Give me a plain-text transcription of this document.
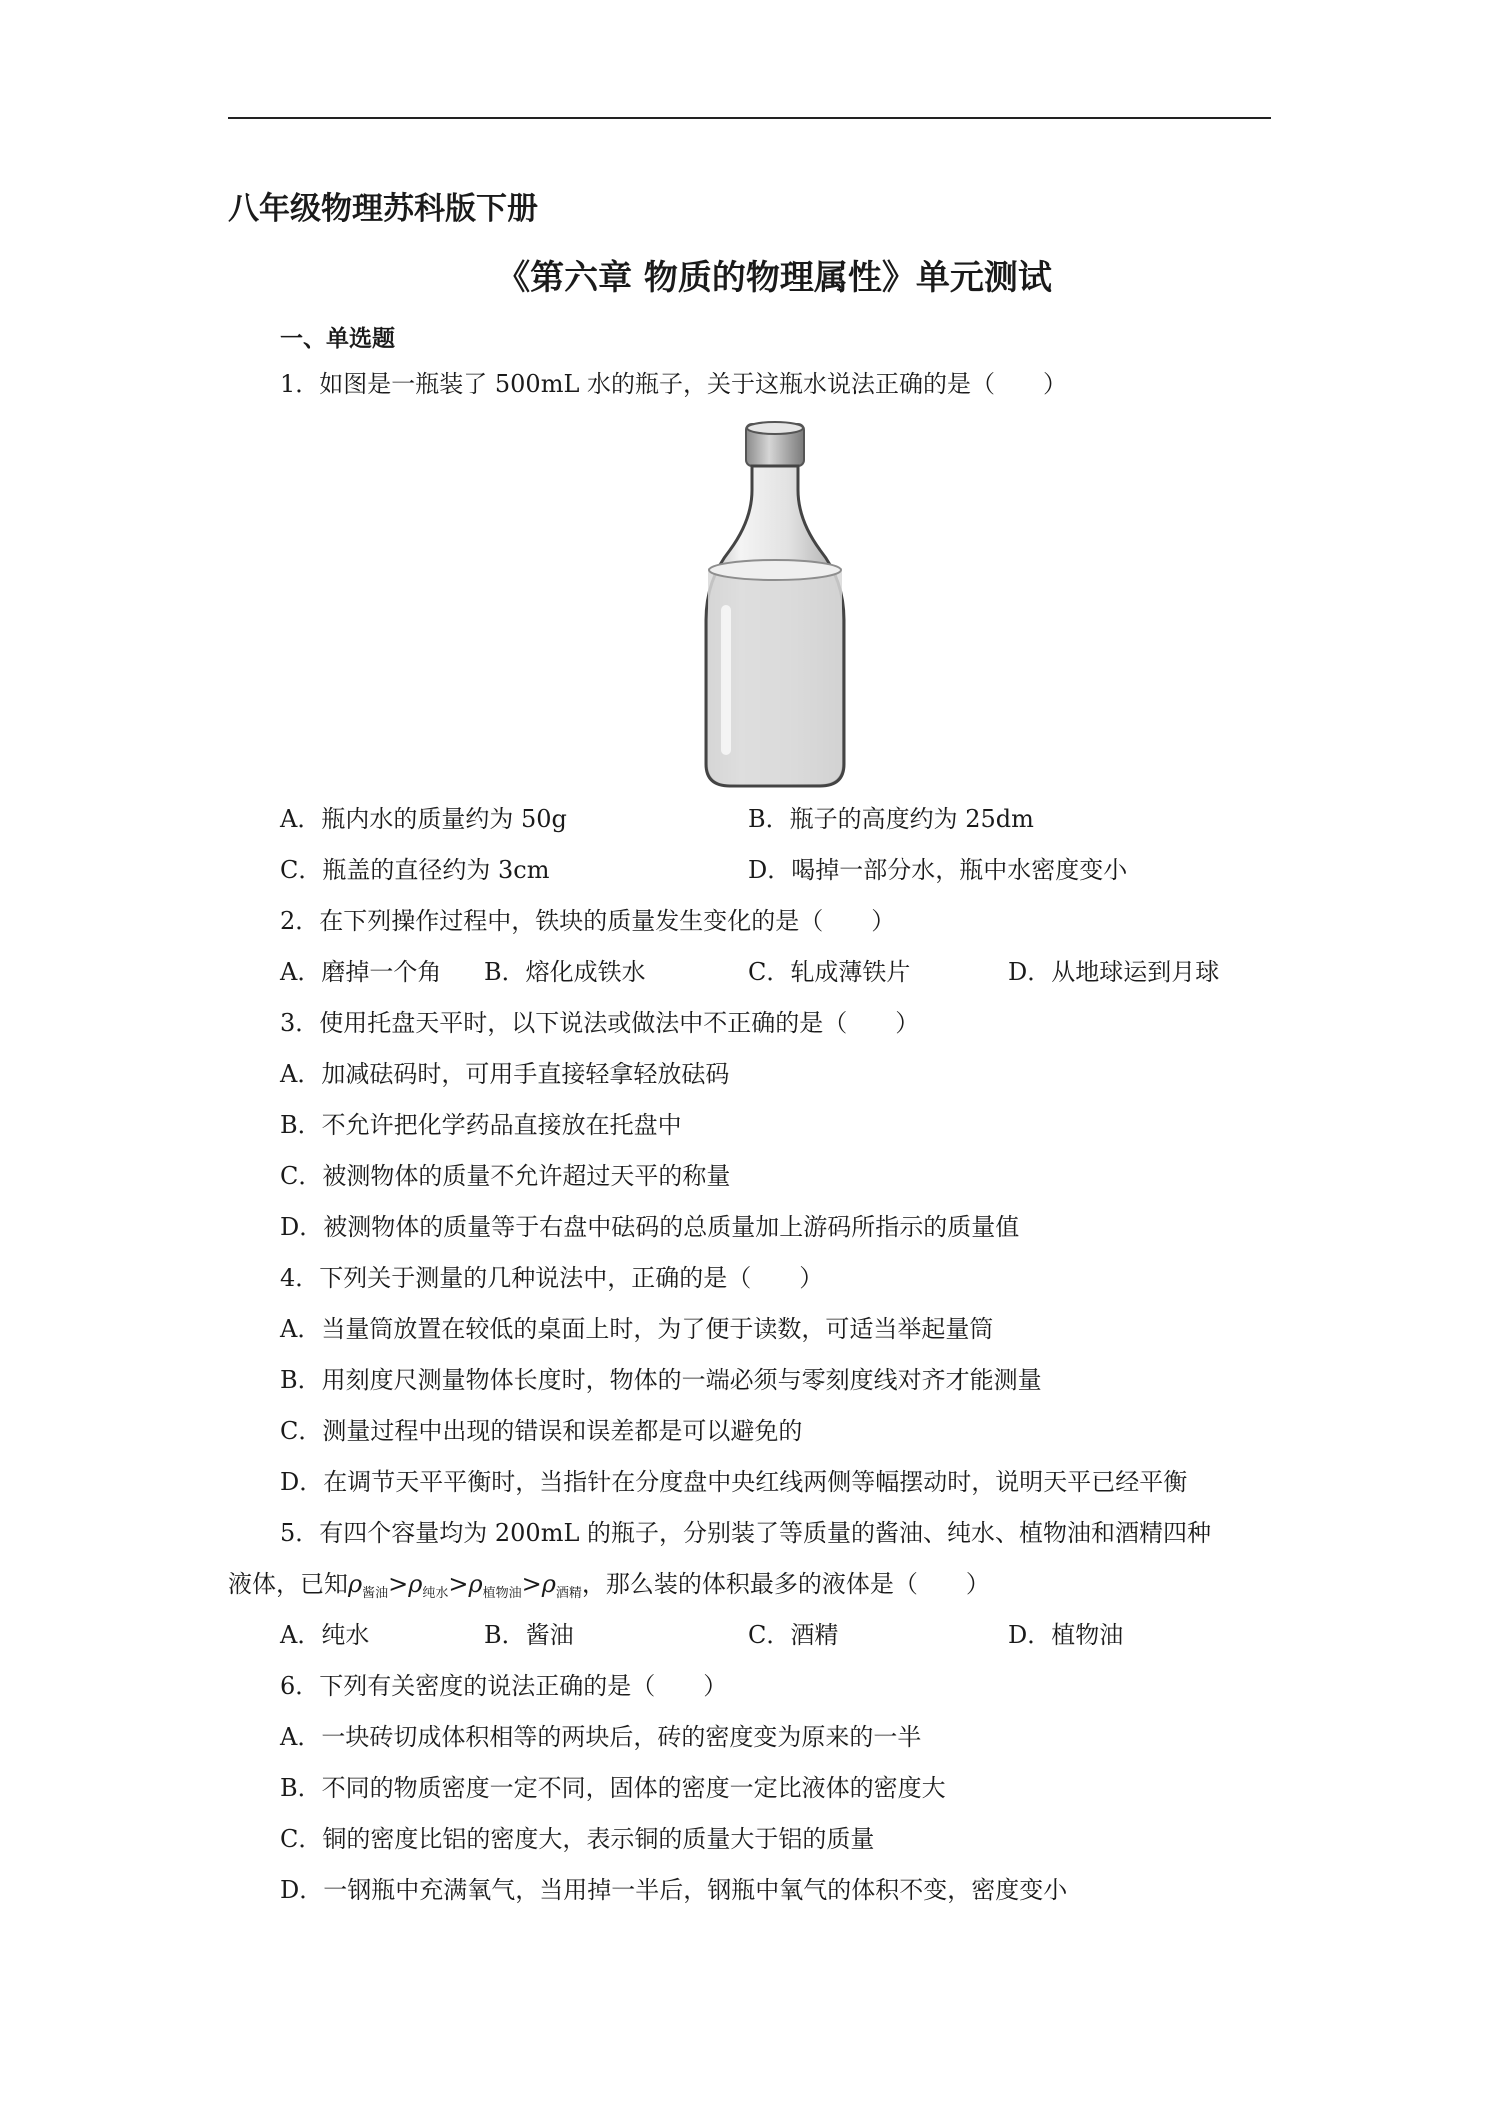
八年级物理苏科版下册
《第六章 物质的物理属性》单元测试
一、单选题
1．如图是一瓶装了 500mL 水的瓶子，关于这瓶水说法正确的是（　　）
A．瓶内水的质量约为 50g	B．瓶子的高度约为 25dm
C．瓶盖的直径约为 3cm	D．喝掉一部分水，瓶中水密度变小
2．在下列操作过程中，铁块的质量发生变化的是（　　）
A．磨掉一个角 B．熔化成铁水	C．轧成薄铁片	D．从地球运到月球
3．使用托盘天平时，以下说法或做法中不正确的是（　　）
A．加减砝码时，可用手直接轻拿轻放砝码
B．不允许把化学药品直接放在托盘中
C．被测物体的质量不允许超过天平的称量
D．被测物体的质量等于右盘中砝码的总质量加上游码所指示的质量值
4．下列关于测量的几种说法中，正确的是（　　）
A．当量筒放置在较低的桌面上时，为了便于读数，可适当举起量筒
B．用刻度尺测量物体长度时，物体的一端必须与零刻度线对齐才能测量
C．测量过程中出现的错误和误差都是可以避免的
D．在调节天平平衡时，当指针在分度盘中央红线两侧等幅摆动时，说明天平已经平衡
5．有四个容量均为 200mL 的瓶子，分别装了等质量的酱油、纯水、植物油和酒精四种
液体，已知$\rho_{酱油}>\rho_{纯水}>\rho_{植物油}>\rho_{酒精}$，那么装的体积最多的液体是（　　）
A．纯水	B．酱油	C．酒精	D．植物油
6．下列有关密度的说法正确的是（　　）
A．一块砖切成体积相等的两块后，砖的密度变为原来的一半
B．不同的物质密度一定不同，固体的密度一定比液体的密度大
C．铜的密度比铝的密度大，表示铜的质量大于铝的质量
D．一钢瓶中充满氧气，当用掉一半后，钢瓶中氧气的体积不变，密度变小
